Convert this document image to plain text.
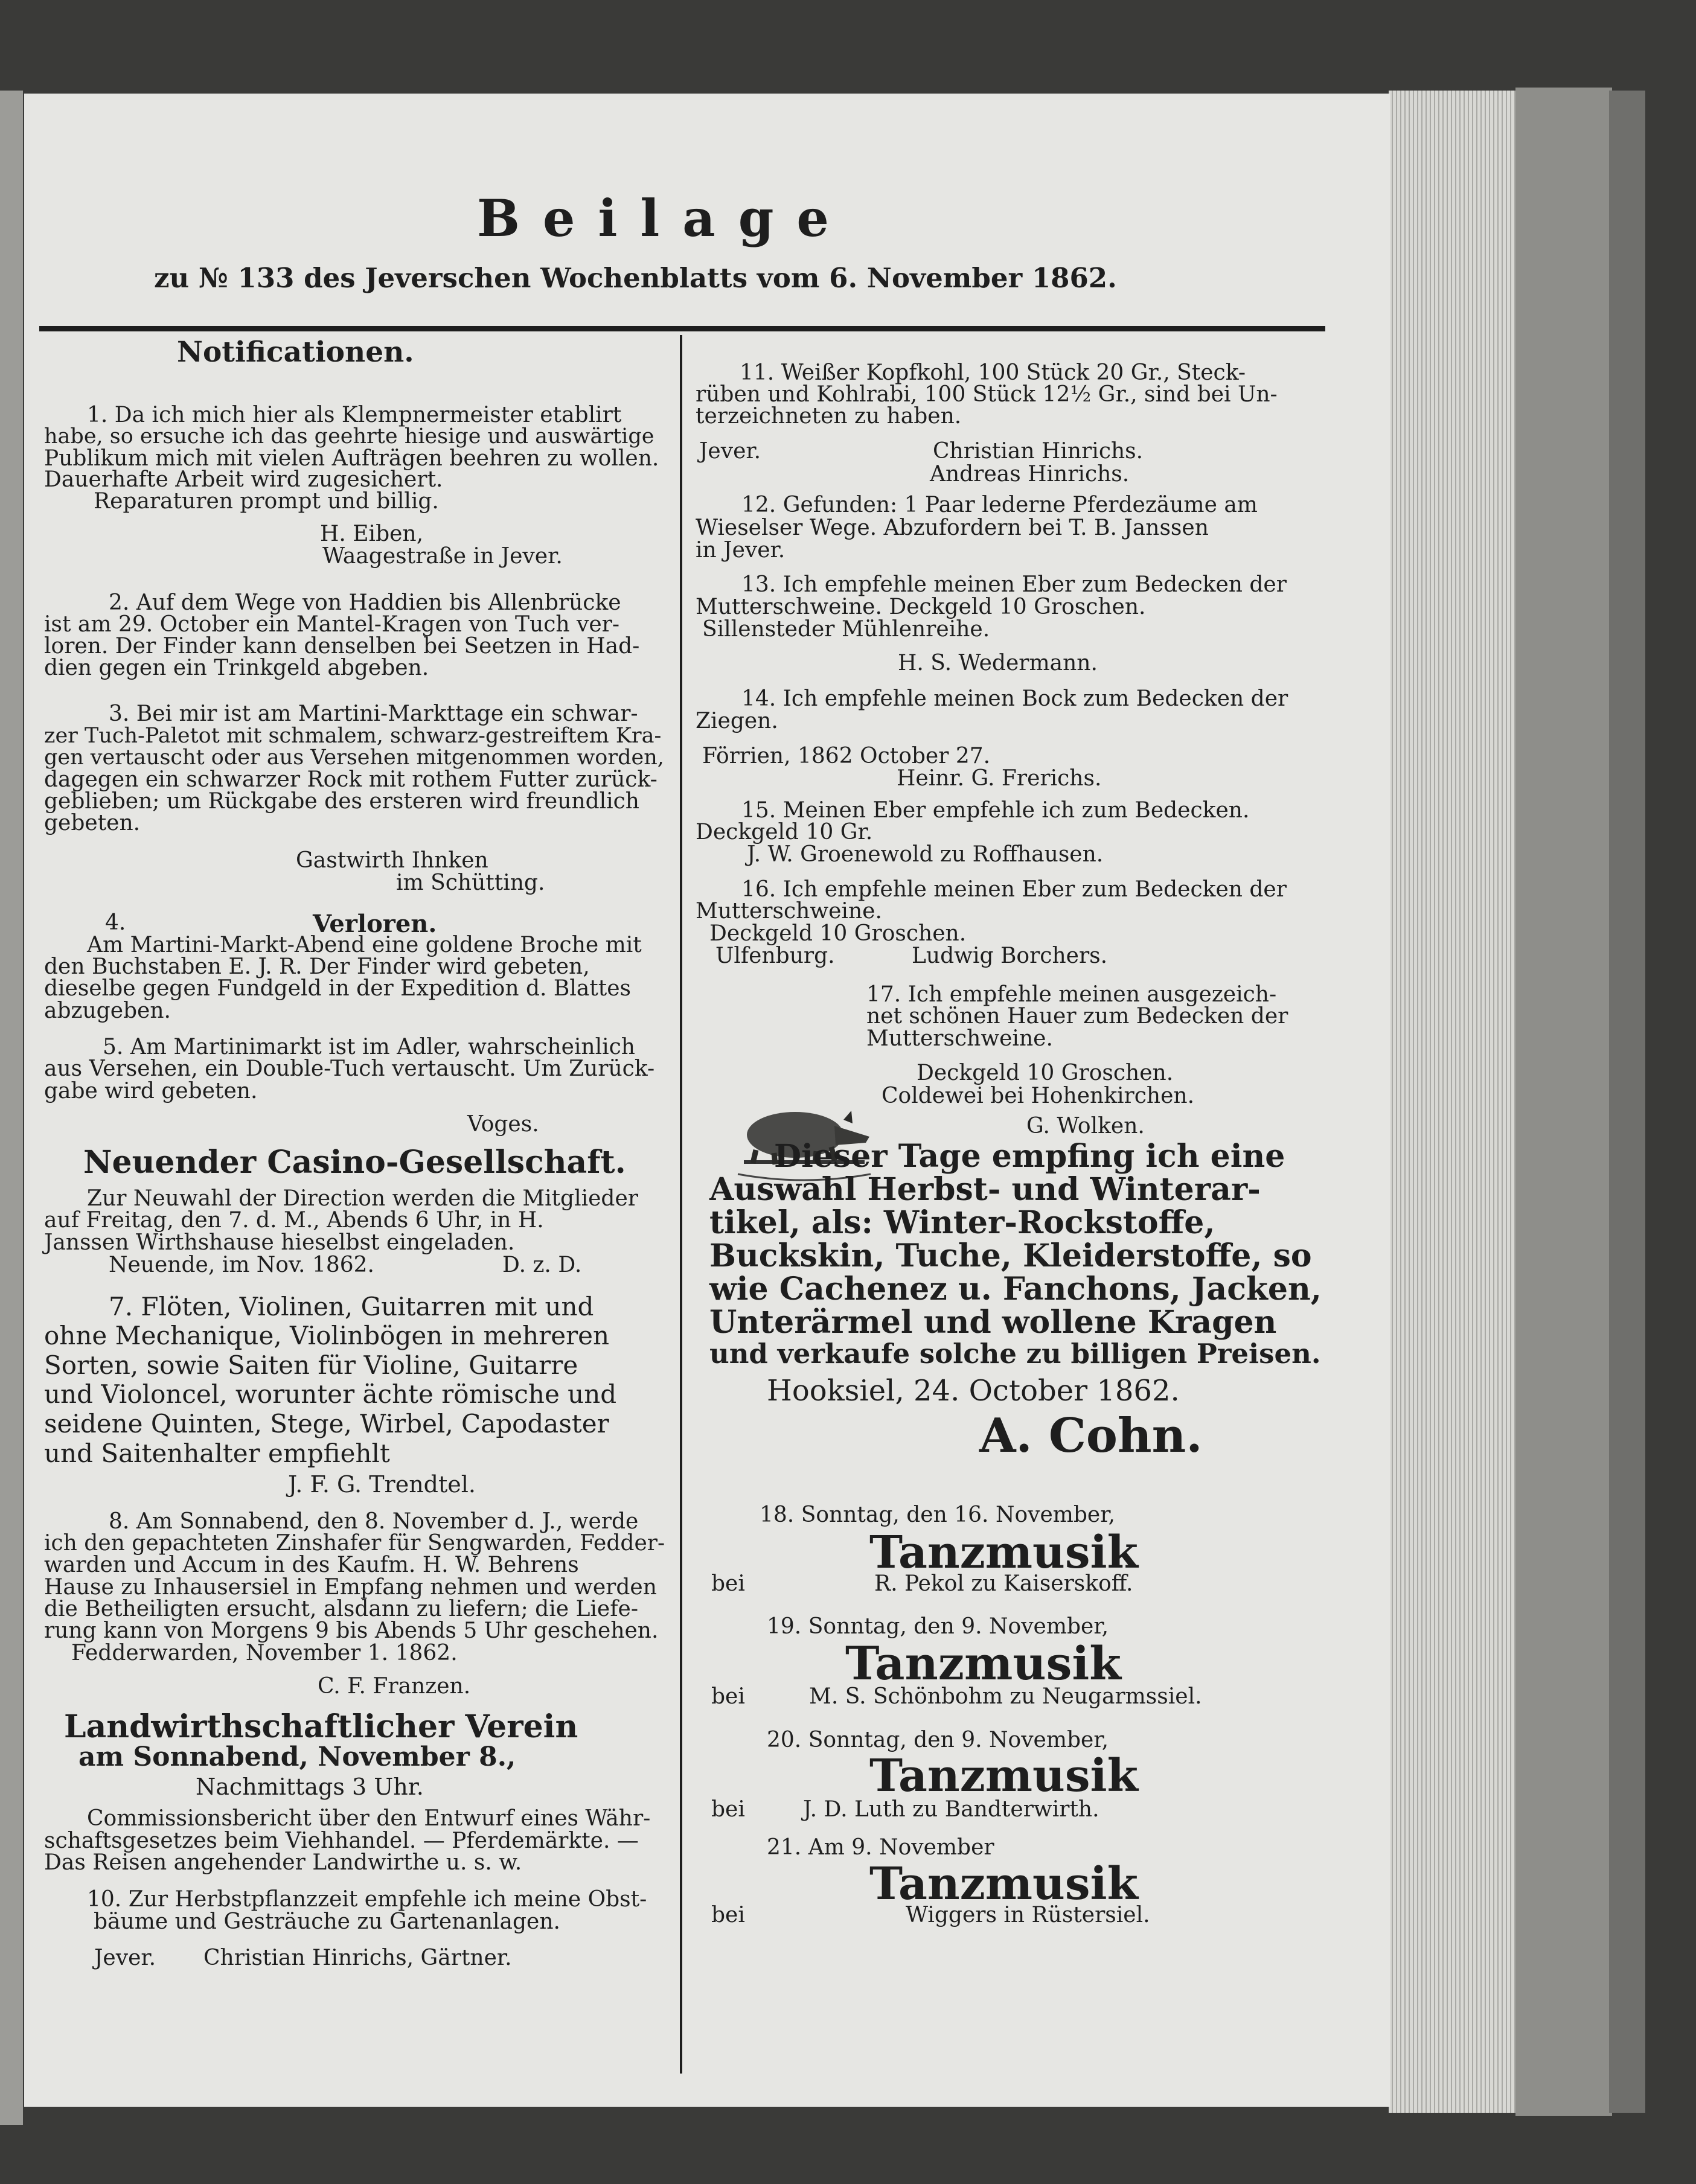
Beilage
zu № 133 des Jeverschen Wochenblatts vom 6. November 1862.
Notificationen.
1. Da ich mich hier als Klempnermeister etablirt
habe, so ersuche ich das geehrte hiesige und auswärtige
Publikum mich mit vielen Aufträgen beehren zu wollen.
Dauerhafte Arbeit wird zugesichert.
Reparaturen prompt und billig.
H. Eiben,
Waagestraße in Jever.
2. Auf dem Wege von Haddien bis Allenbrücke
ist am 29. October ein Mantel-Kragen von Tuch ver-
loren. Der Finder kann denselben bei Seetzen in Had-
dien gegen ein Trinkgeld abgeben.
3. Bei mir ist am Martini-Markttage ein schwar-
zer Tuch-Paletot mit schmalem, schwarz-gestreiftem Kra-
gen vertauscht oder aus Versehen mitgenommen worden,
dagegen ein schwarzer Rock mit rothem Futter zurück-
geblieben; um Rückgabe des ersteren wird freundlich
gebeten.
Gastwirth Ihnken
im Schütting.
4.	Verloren.
Am Martini-Markt-Abend eine goldene Broche mit
den Buchstaben E. J. R. Der Finder wird gebeten,
dieselbe gegen Fundgeld in der Expedition d. Blattes
abzugeben.
5. Am Martinimarkt ist im Adler, wahrscheinlich
aus Versehen, ein Double-Tuch vertauscht. Um Zurück-
gabe wird gebeten.
Voges.
Neuender Casino-Gesellschaft.
Zur Neuwahl der Direction werden die Mitglieder
auf Freitag, den 7. d. M., Abends 6 Uhr, in H.
Janssen Wirthshause hieselbst eingeladen.
Neuende, im Nov. 1862.	D. z. D.
7. Flöten, Violinen, Guitarren mit und
ohne Mechanique, Violinbögen in mehreren
Sorten, sowie Saiten für Violine, Guitarre
und Violoncel, worunter ächte römische und
seidene Quinten, Stege, Wirbel, Capodaster
und Saitenhalter empfiehlt
J. F. G. Trendtel.
8. Am Sonnabend, den 8. November d. J., werde
ich den gepachteten Zinshafer für Sengwarden, Fedder-
warden und Accum in des Kaufm. H. W. Behrens
Hause zu Inhausersiel in Empfang nehmen und werden
die Betheiligten ersucht, alsdann zu liefern; die Liefe-
rung kann von Morgens 9 bis Abends 5 Uhr geschehen.
Fedderwarden, November 1. 1862.
C. F. Franzen.
Landwirthschaftlicher Verein
am Sonnabend, November 8.,
Nachmittags 3 Uhr.
Commissionsbericht über den Entwurf eines Währ-
schaftsgesetzes beim Viehhandel. — Pferdemärkte. —
Das Reisen angehender Landwirthe u. s. w.
10. Zur Herbstpflanzzeit empfehle ich meine Obst-
bäume und Gesträuche zu Gartenanlagen.
Jever. Christian Hinrichs, Gärtner.
11. Weißer Kopfkohl, 100 Stück 20 Gr., Steck-
rüben und Kohlrabi, 100 Stück 12½ Gr., sind bei Un-
terzeichneten zu haben.
Jever.	Christian Hinrichs.
Andreas Hinrichs.
12. Gefunden: 1 Paar lederne Pferdezäume am
Wieselser Wege. Abzufordern bei T. B. Janssen
in Jever.
13. Ich empfehle meinen Eber zum Bedecken der
Mutterschweine. Deckgeld 10 Groschen.
Sillensteder Mühlenreihe.
H. S. Wedermann.
14. Ich empfehle meinen Bock zum Bedecken der
Ziegen.
Förrien, 1862 October 27.
Heinr. G. Frerichs.
15. Meinen Eber empfehle ich zum Bedecken.
Deckgeld 10 Gr.
J. W. Groenewold zu Roffhausen.
16. Ich empfehle meinen Eber zum Bedecken der
Mutterschweine.
Deckgeld 10 Groschen.
Ulfenburg.	Ludwig Borchers.
17. Ich empfehle meinen ausgezeich-
net schönen Hauer zum Bedecken der
Mutterschweine.
Deckgeld 10 Groschen.
Coldewei bei Hohenkirchen.
G. Wolken.
Dieser Tage empfing ich eine
Auswahl Herbst- und Winterar-
tikel, als: Winter-Rockstoffe,
Buckskin, Tuche, Kleiderstoffe, so
wie Cachenez u. Fanchons, Jacken,
Unterärmel und wollene Kragen
und verkaufe solche zu billigen Preisen.
Hooksiel, 24. October 1862.
A. Cohn.
18. Sonntag, den 16. November,
Tanzmusik
bei	R. Pekol zu Kaiserskoff.
19. Sonntag, den 9. November,
Tanzmusik
bei	M. S. Schönbohm zu Neugarmssiel.
20. Sonntag, den 9. November,
Tanzmusik
bei	J. D. Luth zu Bandterwirth.
21. Am 9. November
Tanzmusik
bei	Wiggers in Rüstersiel.
